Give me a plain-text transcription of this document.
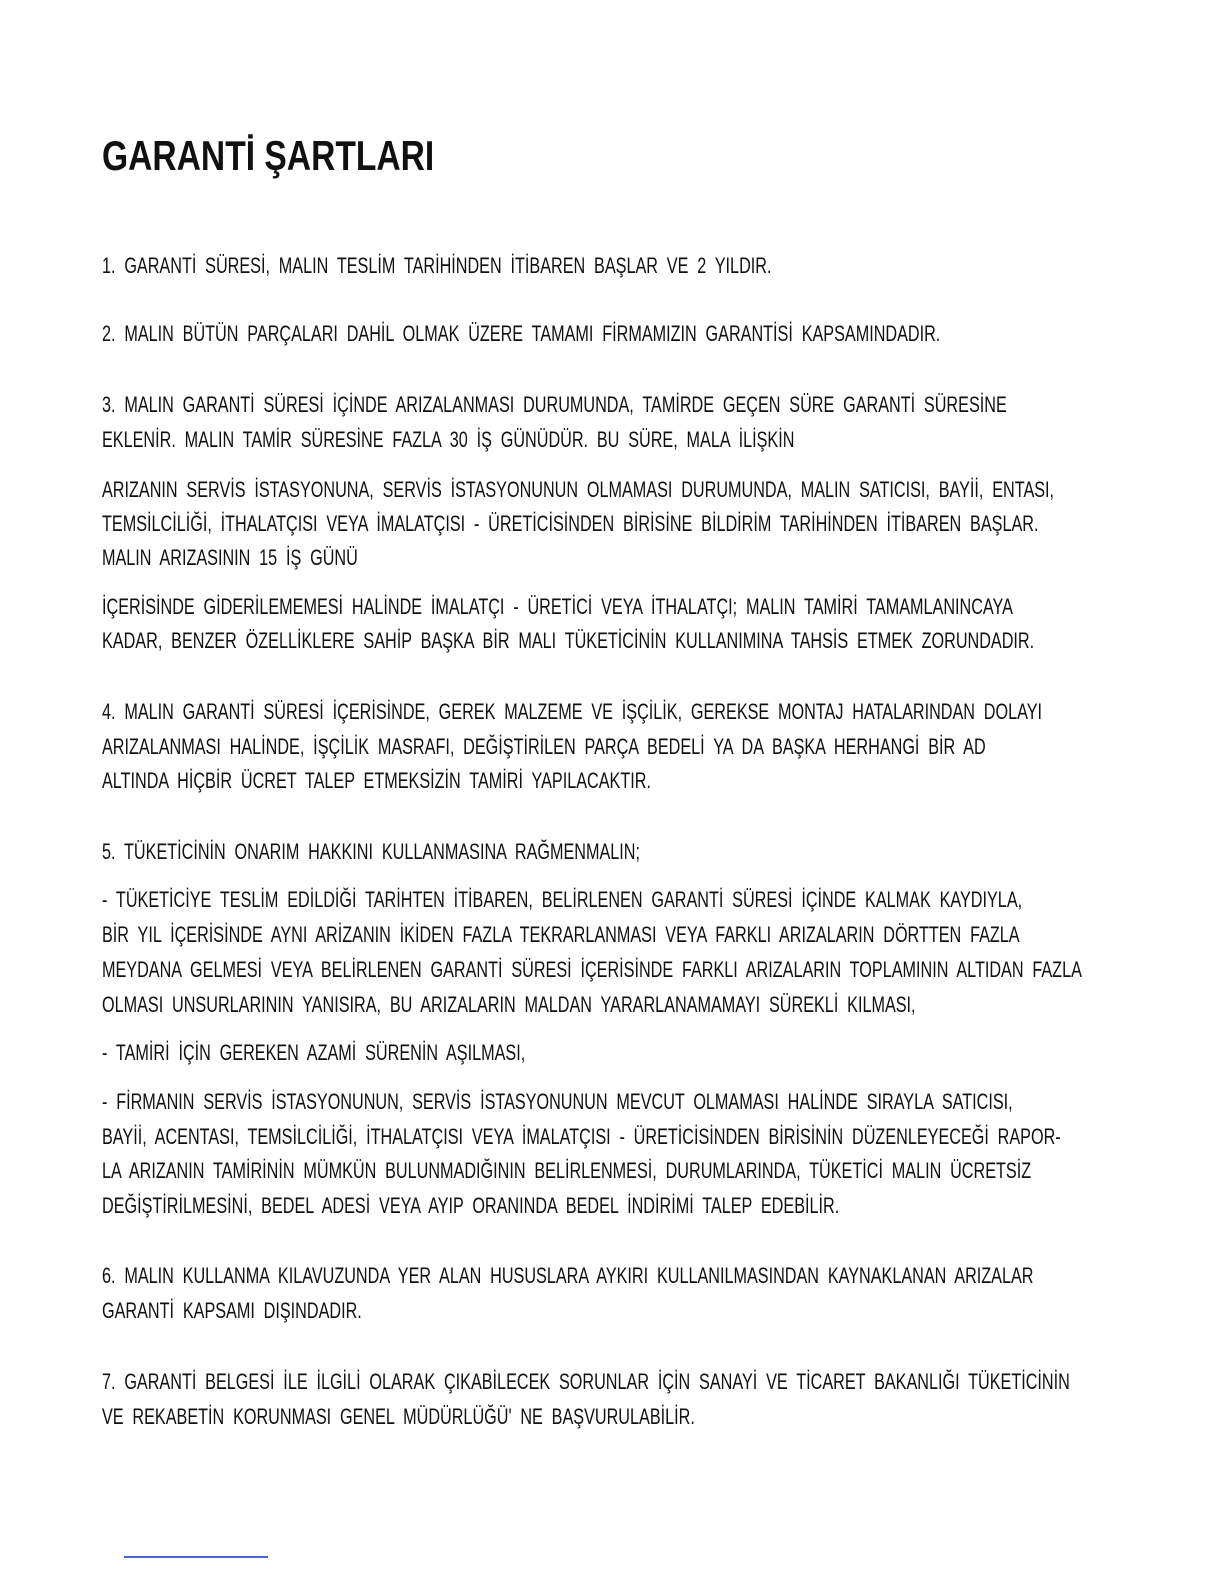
GARANTİ ŞARTLARI
1. GARANTİ SÜRESİ, MALIN TESLİM TARİHİNDEN İTİBAREN BAŞLAR VE 2 YILDIR.
2. MALIN BÜTÜN PARÇALARI DAHİL OLMAK ÜZERE TAMAMI FİRMAMIZIN GARANTİSİ KAPSAMINDADIR.
3. MALIN GARANTİ SÜRESİ İÇİNDE ARIZALANMASI DURUMUNDA, TAMİRDE GEÇEN SÜRE GARANTİ SÜRESİNE
EKLENİR. MALIN TAMİR SÜRESİNE FAZLA 30 İŞ GÜNÜDÜR. BU SÜRE, MALA İLİŞKİN
ARIZANIN SERVİS İSTASYONUNA, SERVİS İSTASYONUNUN OLMAMASI DURUMUNDA, MALIN SATICISI, BAYİİ, ENTASI,
TEMSİLCİLİĞİ, İTHALATÇISI VEYA İMALATÇISI - ÜRETİCİSİNDEN BİRİSİNE BİLDİRİM TARİHİNDEN İTİBAREN BAŞLAR.
MALIN ARIZASININ 15 İŞ GÜNÜ
İÇERİSİNDE GİDERİLEMEMESİ HALİNDE İMALATÇI - ÜRETİCİ VEYA İTHALATÇI; MALIN TAMİRİ TAMAMLANINCAYA
KADAR, BENZER ÖZELLİKLERE SAHİP BAŞKA BİR MALI TÜKETİCİNİN KULLANIMINA TAHSİS ETMEK ZORUNDADIR.
4. MALIN GARANTİ SÜRESİ İÇERİSİNDE, GEREK MALZEME VE İŞÇİLİK, GEREKSE MONTAJ HATALARINDAN DOLAYI
ARIZALANMASI HALİNDE, İŞÇİLİK MASRAFI, DEĞİŞTİRİLEN PARÇA BEDELİ YA DA BAŞKA HERHANGİ BİR AD
ALTINDA HİÇBİR ÜCRET TALEP ETMEKSİZİN TAMİRİ YAPILACAKTIR.
5. TÜKETİCİNİN ONARIM HAKKINI KULLANMASINA RAĞMENMALIN;
- TÜKETİCİYE TESLİM EDİLDİĞİ TARİHTEN İTİBAREN, BELİRLENEN GARANTİ SÜRESİ İÇİNDE KALMAK KAYDIYLA,
BİR YIL İÇERİSİNDE AYNI ARİZANIN İKİDEN FAZLA TEKRARLANMASI VEYA FARKLI ARIZALARIN DÖRTTEN FAZLA
MEYDANA GELMESİ VEYA BELİRLENEN GARANTİ SÜRESİ İÇERİSİNDE FARKLI ARIZALARIN TOPLAMININ ALTIDAN FAZLA
OLMASI UNSURLARININ YANISIRA, BU ARIZALARIN MALDAN YARARLANAMAMAYI SÜREKLİ KILMASI,
- TAMİRİ İÇİN GEREKEN AZAMİ SÜRENİN AŞILMASI,
- FİRMANIN SERVİS İSTASYONUNUN, SERVİS İSTASYONUNUN MEVCUT OLMAMASI HALİNDE SIRAYLA SATICISI,
BAYİİ, ACENTASI, TEMSİLCİLİĞİ, İTHALATÇISI VEYA İMALATÇISI - ÜRETİCİSİNDEN BİRİSİNİN DÜZENLEYECEĞİ RAPOR-
LA ARIZANIN TAMİRİNİN MÜMKÜN BULUNMADIĞININ BELİRLENMESİ, DURUMLARINDA, TÜKETİCİ MALIN ÜCRETSİZ
DEĞİŞTİRİLMESİNİ, BEDEL ADESİ VEYA AYIP ORANINDA BEDEL İNDİRİMİ TALEP EDEBİLİR.
6. MALIN KULLANMA KILAVUZUNDA YER ALAN HUSUSLARA AYKIRI KULLANILMASINDAN KAYNAKLANAN ARIZALAR
GARANTİ KAPSAMI DIŞINDADIR.
7. GARANTİ BELGESİ İLE İLGİLİ OLARAK ÇIKABİLECEK SORUNLAR İÇİN SANAYİ VE TİCARET BAKANLIĞI TÜKETİCİNİN
VE REKABETİN KORUNMASI GENEL MÜDÜRLÜĞÜ' NE BAŞVURULABİLİR.
